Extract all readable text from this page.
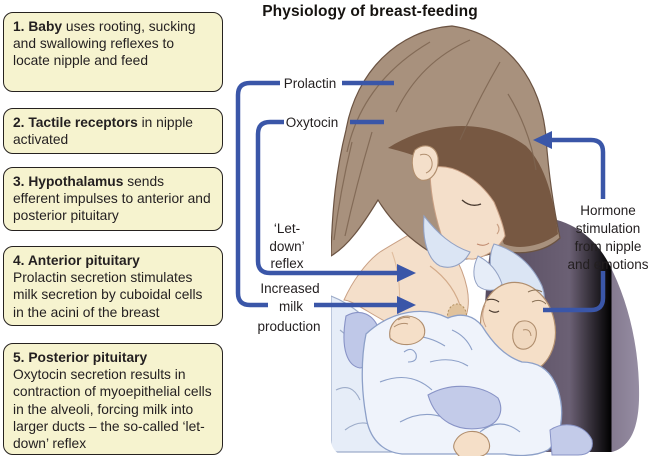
Physiology of breast-feeding
1. Baby uses rooting, sucking and swallowing reflexes to locate nipple and feed
2. Tactile receptors in nipple activated
3. Hypothalamus sends efferent impulses to anterior and posterior pituitary
4. Anterior pituitary
Prolactin secretion stimulates milk secretion by cuboidal cells in the acini of the breast
5. Posterior pituitary
Oxytocin secretion results in contraction of myoepithelial cells in the alveoli, forcing milk into larger ducts – the so-called ‘let-down’ reflex
Prolactin
Oxytocin
‘Let-
down’
reflex
Increased
milk
production
Hormone
stimulation
from nipple
and emotions
